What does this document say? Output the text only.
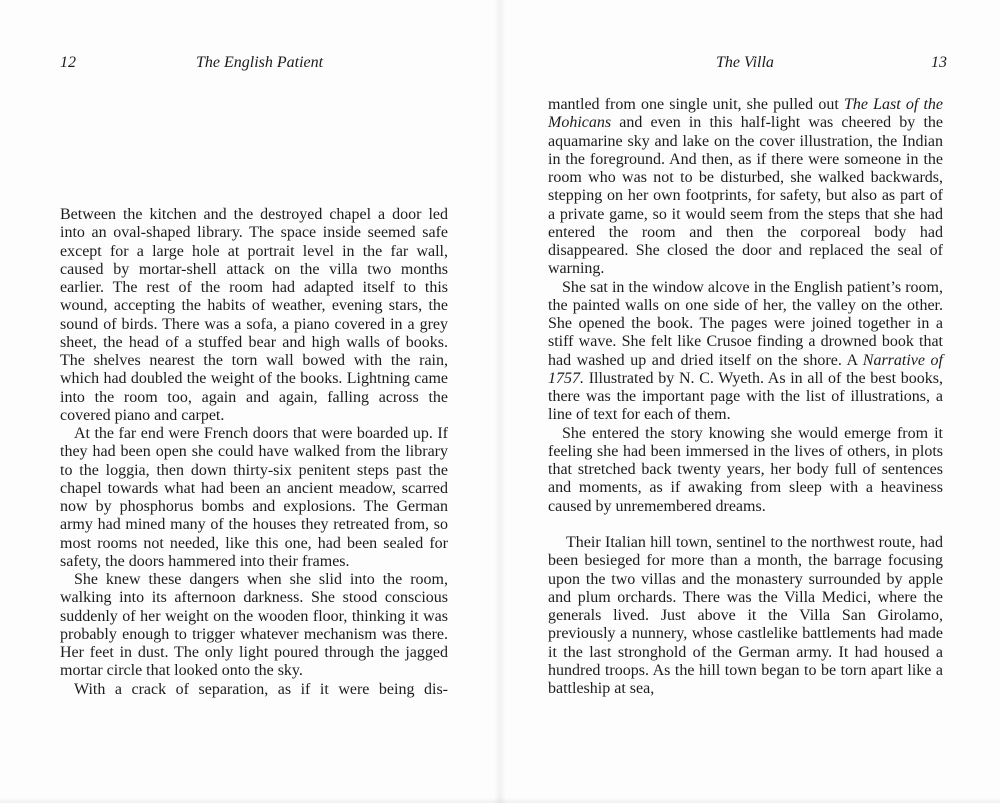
12	The English Patient

Between the kitchen and the destroyed chapel a door led into an oval-shaped library. The space inside seemed safe except for a large hole at portrait level in the far wall, caused by mortar-shell attack on the villa two months earlier. The rest of the room had adapted itself to this wound, accepting the habits of weather, evening stars, the sound of birds. There was a sofa, a piano covered in a grey sheet, the head of a stuffed bear and high walls of books. The shelves nearest the torn wall bowed with the rain, which had doubled the weight of the books. Lightning came into the room too, again and again, falling across the covered piano and carpet.

At the far end were French doors that were boarded up. If they had been open she could have walked from the library to the loggia, then down thirty-six penitent steps past the chapel towards what had been an ancient meadow, scarred now by phosphorus bombs and explosions. The German army had mined many of the houses they retreated from, so most rooms not needed, like this one, had been sealed for safety, the doors hammered into their frames.

She knew these dangers when she slid into the room, walking into its afternoon darkness. She stood conscious suddenly of her weight on the wooden floor, thinking it was probably enough to trigger whatever mechanism was there. Her feet in dust. The only light poured through the jagged mortar circle that looked onto the sky.

With a crack of separation, as if it were being dis-

The Villa	13

mantled from one single unit, she pulled out The Last of the Mohicans and even in this half-light was cheered by the aquamarine sky and lake on the cover illustration, the Indian in the foreground. And then, as if there were someone in the room who was not to be disturbed, she walked backwards, stepping on her own footprints, for safety, but also as part of a private game, so it would seem from the steps that she had entered the room and then the corporeal body had disappeared. She closed the door and replaced the seal of warning.

She sat in the window alcove in the English patient’s room, the painted walls on one side of her, the valley on the other. She opened the book. The pages were joined together in a stiff wave. She felt like Crusoe finding a drowned book that had washed up and dried itself on the shore. A Narrative of 1757. Illustrated by N. C. Wyeth. As in all of the best books, there was the important page with the list of illustrations, a line of text for each of them.

She entered the story knowing she would emerge from it feeling she had been immersed in the lives of others, in plots that stretched back twenty years, her body full of sentences and moments, as if awaking from sleep with a heaviness caused by unremembered dreams.

Their Italian hill town, sentinel to the northwest route, had been besieged for more than a month, the barrage focusing upon the two villas and the monastery surrounded by apple and plum orchards. There was the Villa Medici, where the generals lived. Just above it the Villa San Girolamo, previously a nunnery, whose castlelike battlements had made it the last stronghold of the German army. It had housed a hundred troops. As the hill town began to be torn apart like a battleship at sea,
